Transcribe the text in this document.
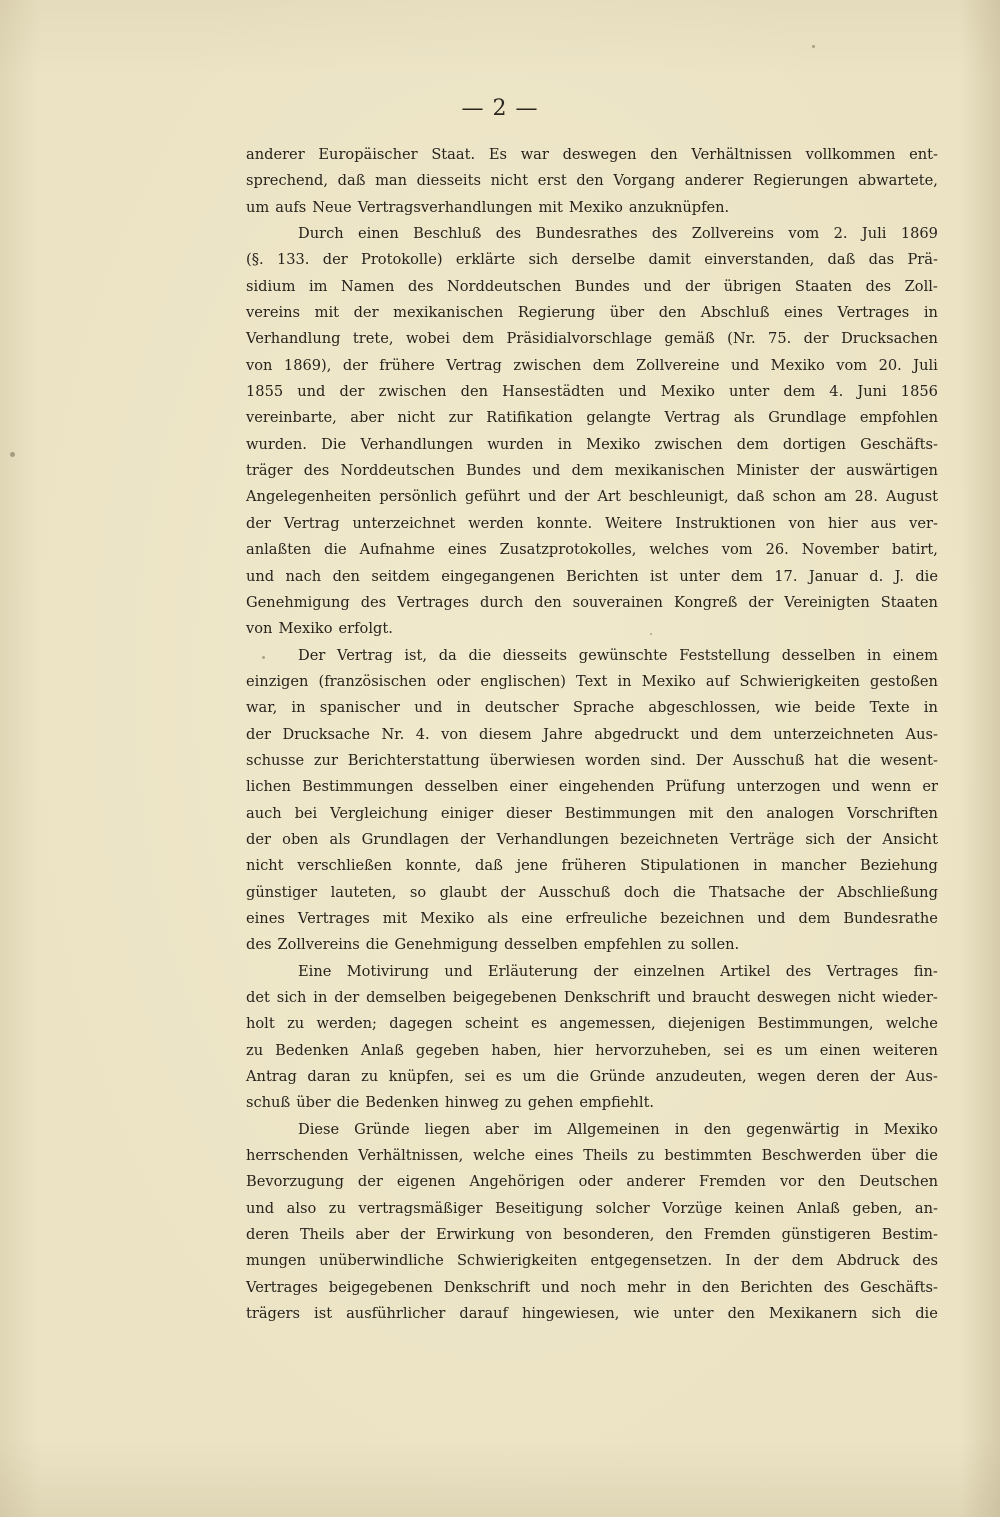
— 2 —
anderer Europäischer Staat. Es war deswegen den Verhältnissen vollkommen ent-
sprechend, daß man diesseits nicht erst den Vorgang anderer Regierungen abwartete,
um aufs Neue Vertragsverhandlungen mit Mexiko anzuknüpfen.
Durch einen Beschluß des Bundesrathes des Zollvereins vom 2. Juli 1869
(§. 133. der Protokolle) erklärte sich derselbe damit einverstanden, daß das Prä-
sidium im Namen des Norddeutschen Bundes und der übrigen Staaten des Zoll-
vereins mit der mexikanischen Regierung über den Abschluß eines Vertrages in
Verhandlung trete, wobei dem Präsidialvorschlage gemäß (Nr. 75. der Drucksachen
von 1869), der frühere Vertrag zwischen dem Zollvereine und Mexiko vom 20. Juli
1855 und der zwischen den Hansestädten und Mexiko unter dem 4. Juni 1856
vereinbarte, aber nicht zur Ratifikation gelangte Vertrag als Grundlage empfohlen
wurden. Die Verhandlungen wurden in Mexiko zwischen dem dortigen Geschäfts-
träger des Norddeutschen Bundes und dem mexikanischen Minister der auswärtigen
Angelegenheiten persönlich geführt und der Art beschleunigt, daß schon am 28. August
der Vertrag unterzeichnet werden konnte. Weitere Instruktionen von hier aus ver-
anlaßten die Aufnahme eines Zusatzprotokolles, welches vom 26. November batirt,
und nach den seitdem eingegangenen Berichten ist unter dem 17. Januar d. J. die
Genehmigung des Vertrages durch den souverainen Kongreß der Vereinigten Staaten
von Mexiko erfolgt.
Der Vertrag ist, da die diesseits gewünschte Feststellung desselben in einem
einzigen (französischen oder englischen) Text in Mexiko auf Schwierigkeiten gestoßen
war, in spanischer und in deutscher Sprache abgeschlossen, wie beide Texte in
der Drucksache Nr. 4. von diesem Jahre abgedruckt und dem unterzeichneten Aus-
schusse zur Berichterstattung überwiesen worden sind. Der Ausschuß hat die wesent-
lichen Bestimmungen desselben einer eingehenden Prüfung unterzogen und wenn er
auch bei Vergleichung einiger dieser Bestimmungen mit den analogen Vorschriften
der oben als Grundlagen der Verhandlungen bezeichneten Verträge sich der Ansicht
nicht verschließen konnte, daß jene früheren Stipulationen in mancher Beziehung
günstiger lauteten, so glaubt der Ausschuß doch die Thatsache der Abschließung
eines Vertrages mit Mexiko als eine erfreuliche bezeichnen und dem Bundesrathe
des Zollvereins die Genehmigung desselben empfehlen zu sollen.
Eine Motivirung und Erläuterung der einzelnen Artikel des Vertrages fin-
det sich in der demselben beigegebenen Denkschrift und braucht deswegen nicht wieder-
holt zu werden; dagegen scheint es angemessen, diejenigen Bestimmungen, welche
zu Bedenken Anlaß gegeben haben, hier hervorzuheben, sei es um einen weiteren
Antrag daran zu knüpfen, sei es um die Gründe anzudeuten, wegen deren der Aus-
schuß über die Bedenken hinweg zu gehen empfiehlt.
Diese Gründe liegen aber im Allgemeinen in den gegenwärtig in Mexiko
herrschenden Verhältnissen, welche eines Theils zu bestimmten Beschwerden über die
Bevorzugung der eigenen Angehörigen oder anderer Fremden vor den Deutschen
und also zu vertragsmäßiger Beseitigung solcher Vorzüge keinen Anlaß geben, an-
deren Theils aber der Erwirkung von besonderen, den Fremden günstigeren Bestim-
mungen unüberwindliche Schwierigkeiten entgegensetzen. In der dem Abdruck des
Vertrages beigegebenen Denkschrift und noch mehr in den Berichten des Geschäfts-
trägers ist ausführlicher darauf hingewiesen, wie unter den Mexikanern sich die
